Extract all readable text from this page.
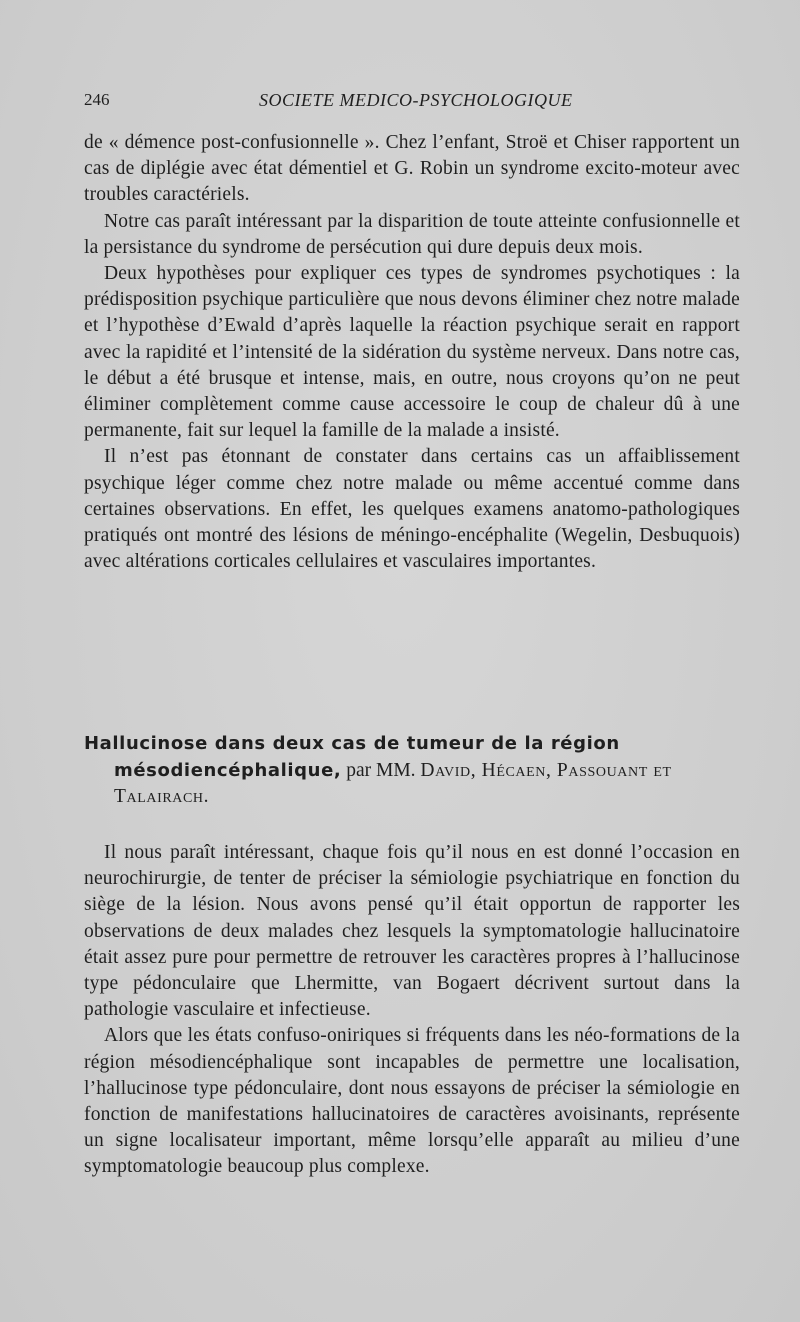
246	SOCIETE MEDICO-PSYCHOLOGIQUE

de « démence post-confusionnelle ». Chez l’enfant, Stroë et Chiser rapportent un cas de diplégie avec état démentiel et G. Robin un syndrome excito-moteur avec troubles caractériels.

Notre cas paraît intéressant par la disparition de toute atteinte confusionnelle et la persistance du syndrome de persécution qui dure depuis deux mois.

Deux hypothèses pour expliquer ces types de syndromes psychotiques : la prédisposition psychique particulière que nous devons éliminer chez notre malade et l’hypothèse d’Ewald d’après laquelle la réaction psychique serait en rapport avec la rapidité et l’intensité de la sidération du système nerveux. Dans notre cas, le début a été brusque et intense, mais, en outre, nous croyons qu’on ne peut éliminer complètement comme cause accessoire le coup de chaleur dû à une permanente, fait sur lequel la famille de la malade a insisté.

Il n’est pas étonnant de constater dans certains cas un affaiblissement psychique léger comme chez notre malade ou même accentué comme dans certaines observations. En effet, les quelques examens anatomo-pathologiques pratiqués ont montré des lésions de méningo-encéphalite (Wegelin, Desbuquois) avec altérations corticales cellulaires et vasculaires importantes.

Hallucinose dans deux cas de tumeur de la région
mésodiencéphalique, par MM. David, Hécaen, Passouant et
Talairach.

Il nous paraît intéressant, chaque fois qu’il nous en est donné l’occasion en neurochirurgie, de tenter de préciser la sémiologie psychiatrique en fonction du siège de la lésion. Nous avons pensé qu’il était opportun de rapporter les observations de deux malades chez lesquels la symptomatologie hallucinatoire était assez pure pour permettre de retrouver les caractères propres à l’hallucinose type pédonculaire que Lhermitte, van Bogaert décrivent surtout dans la pathologie vasculaire et infectieuse.

Alors que les états confuso-oniriques si fréquents dans les néo-formations de la région mésodiencéphalique sont incapables de permettre une localisation, l’hallucinose type pédonculaire, dont nous essayons de préciser la sémiologie en fonction de manifestations hallucinatoires de caractères avoisinants, représente un signe localisateur important, même lorsqu’elle apparaît au milieu d’une symptomatologie beaucoup plus complexe.
